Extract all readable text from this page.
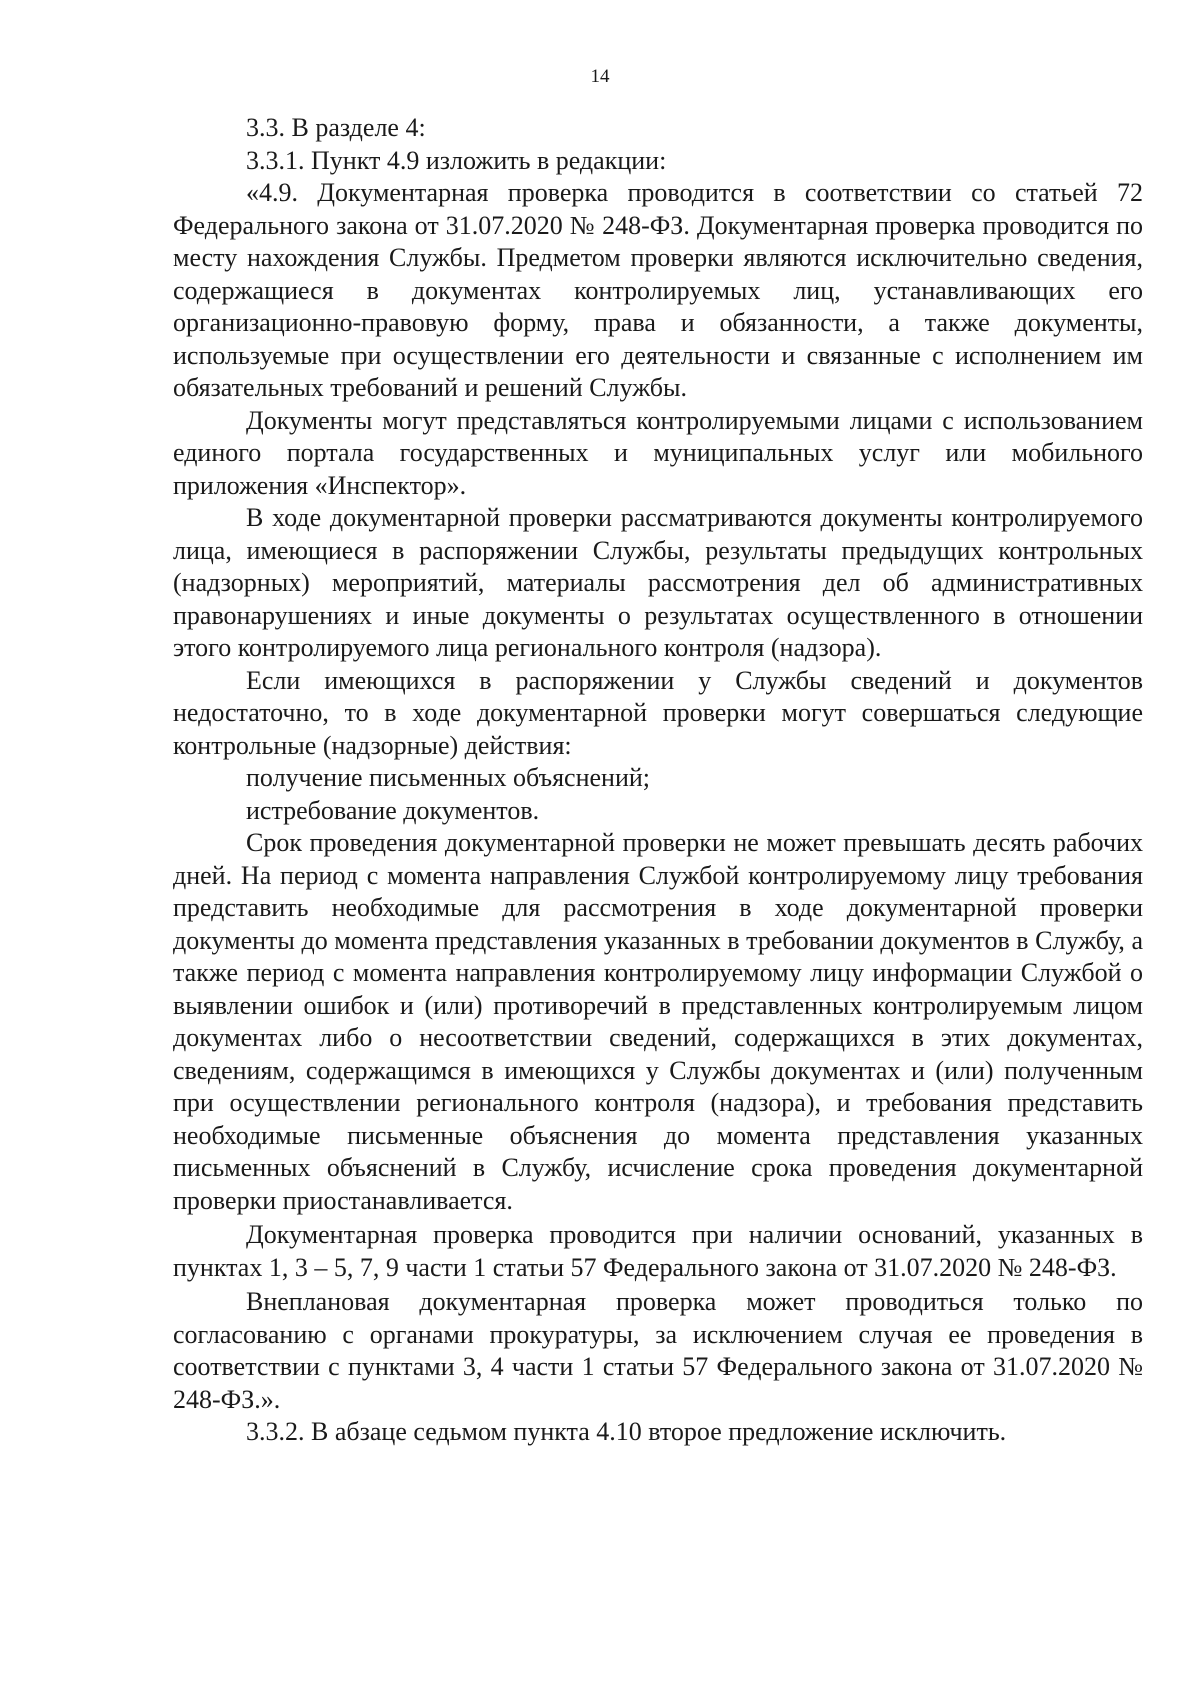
14

3.3. В разделе 4:

3.3.1. Пункт 4.9 изложить в редакции:

«4.9. Документарная проверка проводится в соответствии со статьей 72 Федерального закона от 31.07.2020 № 248-ФЗ. Документарная проверка проводится по месту нахождения Службы. Предметом проверки являются исключительно сведения, содержащиеся в документах контролируемых лиц, устанавливающих его организационно-правовую форму, права и обязанности, а также документы, используемые при осуществлении его деятельности и связанные с исполнением им обязательных требований и решений Службы.

Документы могут представляться контролируемыми лицами с использованием единого портала государственных и муниципальных услуг или мобильного приложения «Инспектор».

В ходе документарной проверки рассматриваются документы контролируемого лица, имеющиеся в распоряжении Службы, результаты предыдущих контрольных (надзорных) мероприятий, материалы рассмотрения дел об административных правонарушениях и иные документы о результатах осуществленного в отношении этого контролируемого лица регионального контроля (надзора).

Если имеющихся в распоряжении у Службы сведений и документов недостаточно, то в ходе документарной проверки могут совершаться следующие контрольные (надзорные) действия:

получение письменных объяснений;

истребование документов.

Срок проведения документарной проверки не может превышать десять рабочих дней. На период с момента направления Службой контролируемому лицу требования представить необходимые для рассмотрения в ходе документарной проверки документы до момента представления указанных в требовании документов в Службу, а также период с момента направления контролируемому лицу информации Службой о выявлении ошибок и (или) противоречий в представленных контролируемым лицом документах либо о несоответствии сведений, содержащихся в этих документах, сведениям, содержащимся в имеющихся у Службы документах и (или) полученным при осуществлении регионального контроля (надзора), и требования представить необходимые письменные объяснения до момента представления указанных письменных объяснений в Службу, исчисление срока проведения документарной проверки приостанавливается.

Документарная проверка проводится при наличии оснований, указанных в пунктах 1, 3 – 5, 7, 9 части 1 статьи 57 Федерального закона от 31.07.2020 № 248-ФЗ.

Внеплановая документарная проверка может проводиться только по согласованию с органами прокуратуры, за исключением случая ее проведения в соответствии с пунктами 3, 4 части 1 статьи 57 Федерального закона от 31.07.2020 № 248-ФЗ.».

3.3.2. В абзаце седьмом пункта 4.10 второе предложение исключить.
